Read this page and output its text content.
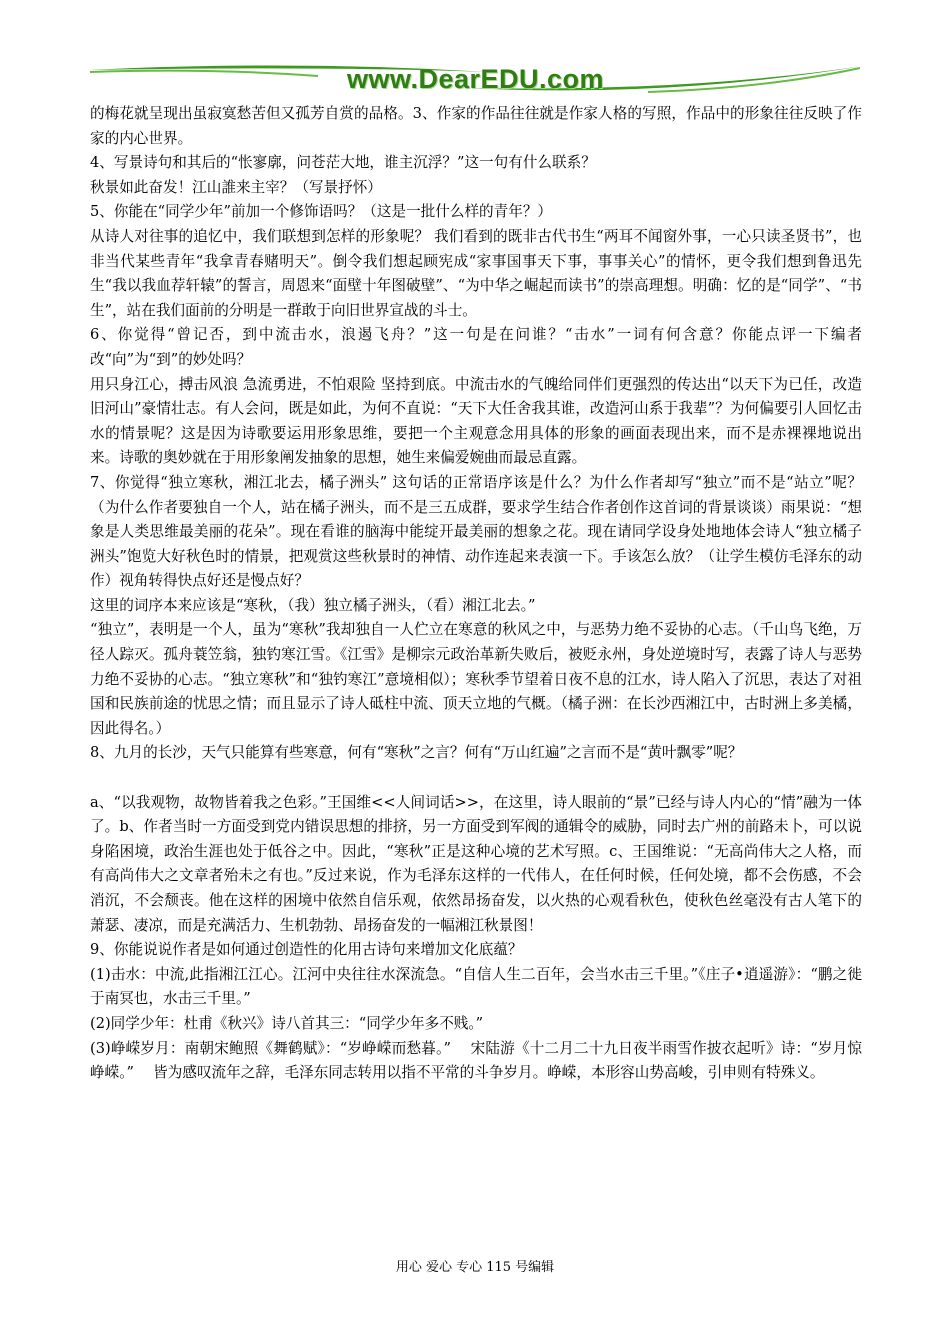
www.DearEDU.com

的梅花就呈现出虽寂寞愁苦但又孤芳自赏的品格。3、作家的作品往往就是作家人格的写照，作品中的形象往往反映了作家的内心世界。

4、写景诗句和其后的“怅寥廓，问苍茫大地，谁主沉浮？”这一句有什么联系？

秋景如此奋发！江山誰来主宰？（写景抒怀）

5、你能在“同学少年”前加一个修饰语吗？（这是一批什么样的青年？）

从诗人对往事的追忆中，我们联想到怎样的形象呢？ 我们看到的既非古代书生“两耳不闻窗外事，一心只读圣贤书”，也非当代某些青年“我拿青春赌明天”。倒令我们想起顾宪成“家事国事天下事，事事关心”的情怀，更令我们想到鲁迅先生“我以我血荐轩辕”的誓言，周恩来“面壁十年图破壁”、“为中华之崛起而读书”的崇高理想。明确：忆的是“同学”、“书生”，站在我们面前的分明是一群敢于向旧世界宣战的斗士。

6、你觉得“曾记否，到中流击水，浪遏飞舟？”这一句是在问谁？“击水”一词有何含意？你能点评一下编者改“向”为“到”的妙处吗？

用只身江心，搏击风浪 急流勇进，不怕艰险 坚持到底。中流击水的气魄给同伴们更强烈的传达出“以天下为已任，改造旧河山”豪情壮志。有人会问，既是如此，为何不直说：“天下大任舍我其谁，改造河山系于我辈”？为何偏要引人回忆击水的情景呢？这是因为诗歌要运用形象思维，要把一个主观意念用具体的形象的画面表现出来，而不是赤裸裸地说出来。诗歌的奥妙就在于用形象阐发抽象的思想，她生来偏爱婉曲而最忌直露。

7、你觉得“独立寒秋，湘江北去，橘子洲头” 这句话的正常语序该是什么？为什么作者却写“独立”而不是“站立”呢？（为什么作者要独自一个人，站在橘子洲头，而不是三五成群，要求学生结合作者创作这首词的背景谈谈）雨果说：“想象是人类思维最美丽的花朵”。现在看谁的脑海中能绽开最美丽的想象之花。现在请同学设身处地地体会诗人“独立橘子洲头”饱览大好秋色时的情景，把观赏这些秋景时的神情、动作连起来表演一下。手该怎么放？（让学生模仿毛泽东的动作）视角转得快点好还是慢点好？

这里的词序本来应该是“寒秋，（我）独立橘子洲头，（看）湘江北去。”

“独立”，表明是一个人，虽为“寒秋”我却独自一人伫立在寒意的秋风之中，与恶势力绝不妥协的心志。（千山鸟飞绝，万径人踪灭。孤舟蓑笠翁，独钓寒江雪。《江雪》是柳宗元政治革新失败后，被贬永州，身处逆境时写，表露了诗人与恶势力绝不妥协的心志。“独立寒秋”和“独钓寒江”意境相似）；寒秋季节望着日夜不息的江水，诗人陷入了沉思，表达了对祖国和民族前途的忧思之情；而且显示了诗人砥柱中流、顶天立地的气概。（橘子洲：在长沙西湘江中，古时洲上多美橘，因此得名。）

8、九月的长沙，天气只能算有些寒意，何有“寒秋”之言？何有“万山红遍”之言而不是“黄叶飘零”呢？

a、“以我观物，故物皆着我之色彩。”王国维<<人间词话>>，在这里，诗人眼前的“景”已经与诗人内心的“情”融为一体了。b、作者当时一方面受到党内错误思想的排挤，另一方面受到军阀的通辑令的威胁，同时去广州的前路未卜，可以说身陷困境，政治生涯也处于低谷之中。因此，“寒秋”正是这种心境的艺术写照。c、王国维说：“无高尚伟大之人格，而有高尚伟大之文章者殆未之有也。”反过来说，作为毛泽东这样的一代伟人，在任何时候，任何处境，都不会伤感，不会消沉，不会颓丧。他在这样的困境中依然自信乐观，依然昂扬奋发，以火热的心观看秋色，使秋色丝毫没有古人笔下的萧瑟、凄凉，而是充满活力、生机勃勃、昂扬奋发的一幅湘江秋景图！

9、你能说说作者是如何通过创造性的化用古诗句来增加文化底蕴？

(1)击水：中流,此指湘江江心。江河中央往往水深流急。“自信人生二百年，会当水击三千里。”《庄子•逍遥游》：“鹏之徙于南冥也，水击三千里。”

(2)同学少年：杜甫《秋兴》诗八首其三：“同学少年多不贱。”

(3)峥嵘岁月：南朝宋鲍照《舞鹤赋》：“岁峥嵘而愁暮。”　 宋陆游《十二月二十九日夜半雨雪作披衣起听》诗：“岁月惊峥嵘。”　 皆为感叹流年之辞，毛泽东同志转用以指不平常的斗争岁月。峥嵘，本形容山势高峻，引申则有特殊义。

用心 爱心 专心 115 号编辑
